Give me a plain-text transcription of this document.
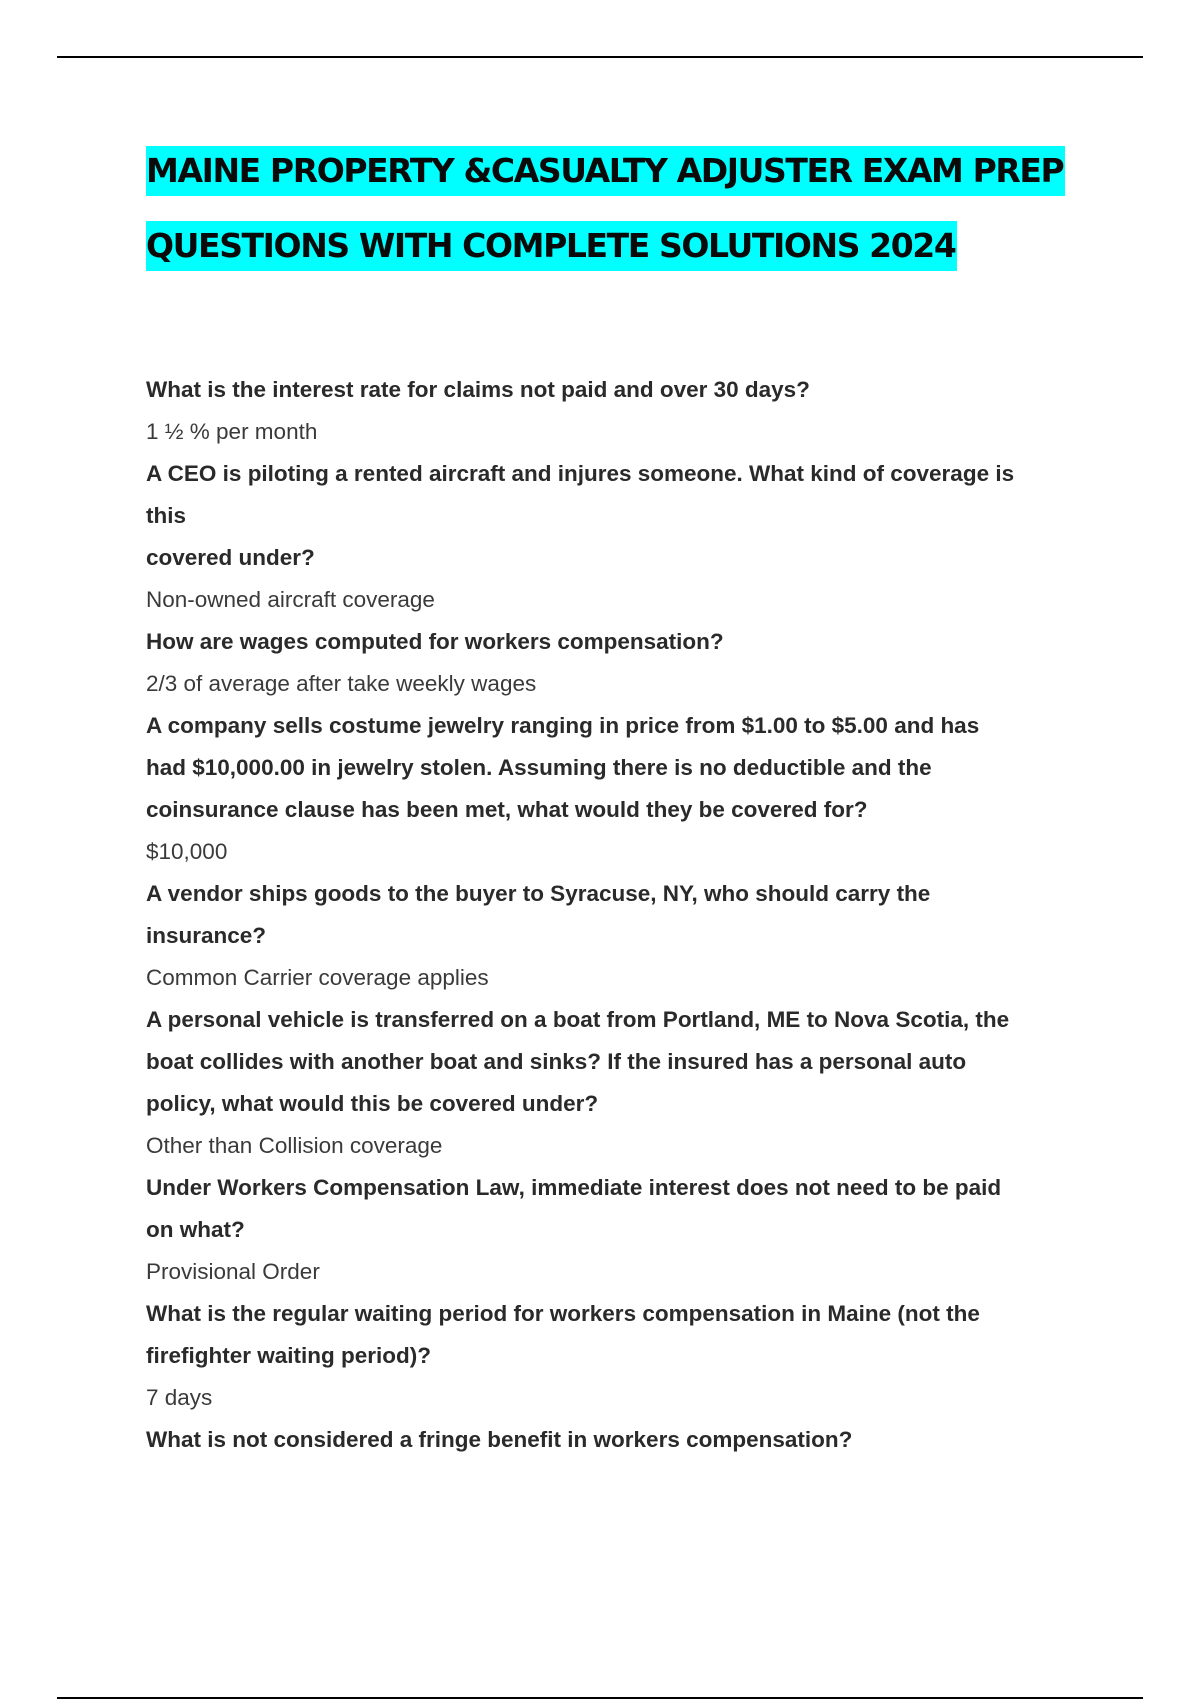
MAINE PROPERTY &CASUALTY ADJUSTER EXAM PREP
QUESTIONS WITH COMPLETE SOLUTIONS 2024

What is the interest rate for claims not paid and over 30 days?

1 ½ % per month

A CEO is piloting a rented aircraft and injures someone. What kind of coverage is

this

covered under?

Non-owned aircraft coverage

How are wages computed for workers compensation?

2/3 of average after take weekly wages

A company sells costume jewelry ranging in price from $1.00 to $5.00 and has

had $10,000.00 in jewelry stolen. Assuming there is no deductible and the

coinsurance clause has been met, what would they be covered for?

$10,000

A vendor ships goods to the buyer to Syracuse, NY, who should carry the

insurance?

Common Carrier coverage applies

A personal vehicle is transferred on a boat from Portland, ME to Nova Scotia, the

boat collides with another boat and sinks? If the insured has a personal auto

policy, what would this be covered under?

Other than Collision coverage

Under Workers Compensation Law, immediate interest does not need to be paid

on what?

Provisional Order

What is the regular waiting period for workers compensation in Maine (not the

firefighter waiting period)?

7 days

What is not considered a fringe benefit in workers compensation?
